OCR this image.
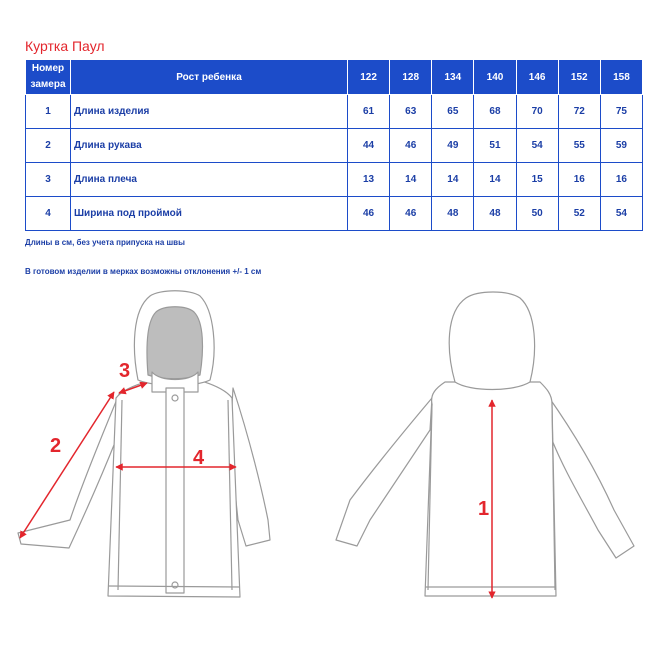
Куртка Паул
Номер
замера	Рост ребенка	122	128	134	140	146	152	158
1	Длина изделия	61	63	65	68	70	72	75
2	Длина рукава	44	46	49	51	54	55	59
3	Длина плеча	13	14	14	14	15	16	16
4	Ширина под проймой	46	46	48	48	50	52	54
Длины в см, без учета припуска на швы
В готовом изделии в мерках возможны отклонения +/- 1 см
1
2
3
4
